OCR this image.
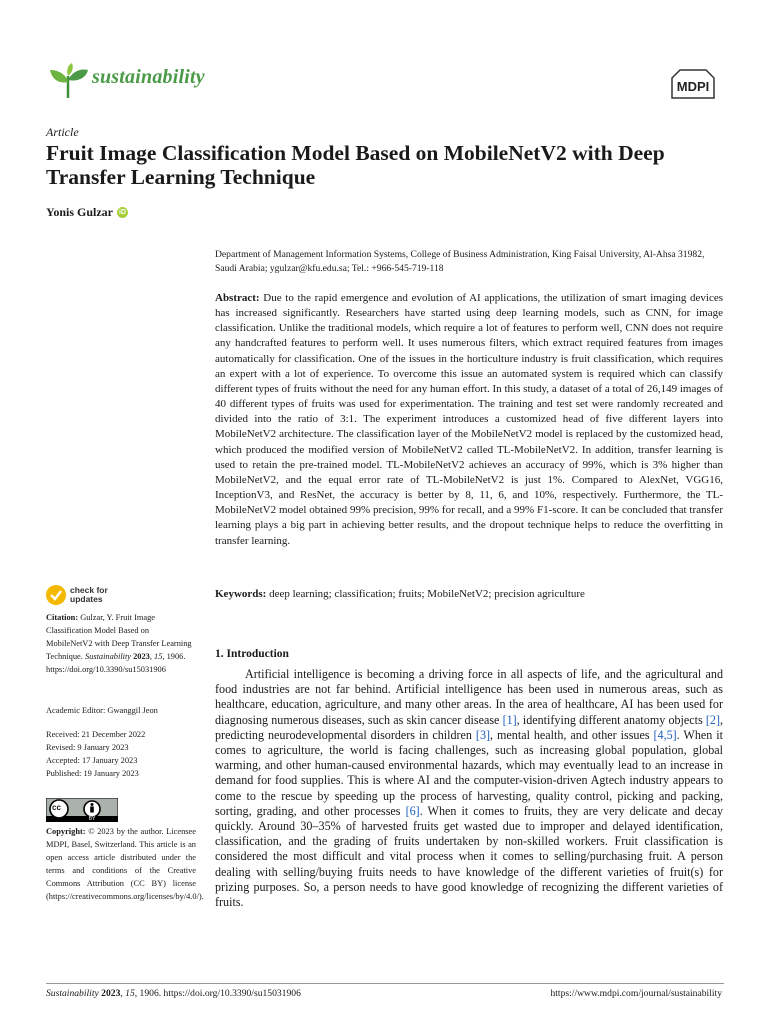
sustainability	MDPI
Article
Fruit Image Classification Model Based on MobileNetV2 with Deep Transfer Learning Technique
Yonis Gulzar iD
Department of Management Information Systems, College of Business Administration, King Faisal University, Al-Ahsa 31982, Saudi Arabia; ygulzar@kfu.edu.sa; Tel.: +966-545-719-118
Abstract: Due to the rapid emergence and evolution of AI applications, the utilization of smart imaging devices has increased significantly. Researchers have started using deep learning models, such as CNN, for image classification. Unlike the traditional models, which require a lot of features to perform well, CNN does not require any handcrafted features to perform well. It uses numerous filters, which extract required features from images automatically for classification. One of the issues in the horticulture industry is fruit classification, which requires an expert with a lot of experience. To overcome this issue an automated system is required which can classify different types of fruits without the need for any human effort. In this study, a dataset of a total of 26,149 images of 40 different types of fruits was used for experimentation. The training and test set were randomly recreated and divided into the ratio of 3:1. The experiment introduces a customized head of five different layers into MobileNetV2 architecture. The classification layer of the MobileNetV2 model is replaced by the customized head, which produced the modified version of MobileNetV2 called TL-MobileNetV2. In addition, transfer learning is used to retain the pre-trained model. TL-MobileNetV2 achieves an accuracy of 99%, which is 3% higher than MobileNetV2, and the equal error rate of TL-MobileNetV2 is just 1%. Compared to AlexNet, VGG16, InceptionV3, and ResNet, the accuracy is better by 8, 11, 6, and 10%, respectively. Furthermore, the TL-MobileNetV2 model obtained 99% precision, 99% for recall, and a 99% F1-score. It can be concluded that transfer learning plays a big part in achieving better results, and the dropout technique helps to reduce the overfitting in transfer learning.
Keywords: deep learning; classification; fruits; MobileNetV2; precision agriculture
1. Introduction
Artificial intelligence is becoming a driving force in all aspects of life, and the agricultural and food industries are not far behind. Artificial intelligence has been used in numerous areas, such as healthcare, education, agriculture, and many other areas. In the area of healthcare, AI has been used for diagnosing numerous diseases, such as skin cancer disease [1], identifying different anatomy objects [2], predicting neurodevelopmental disorders in children [3], mental health, and other issues [4,5]. When it comes to agriculture, the world is facing challenges, such as increasing global population, global warming, and other human-caused environmental hazards, which may eventually lead to an increase in demand for food supplies. This is where AI and the computer-vision-driven Agtech industry appears to come to the rescue by speeding up the process of harvesting, quality control, picking and packing, sorting, grading, and other processes [6]. When it comes to fruits, they are very delicate and decay quickly. Around 30–35% of harvested fruits get wasted due to improper and delayed identification, classification, and the grading of fruits undertaken by non-skilled workers. Fruit classification is considered the most difficult and vital process when it comes to selling/purchasing fruit. A person dealing with selling/buying fruits needs to have knowledge of the different varieties of fruit(s) for prizing purposes. So, a person needs to have good knowledge of recognizing the different varieties of fruits.
check for
updates
Citation: Gulzar, Y. Fruit Image Classification Model Based on MobileNetV2 with Deep Transfer Learning Technique. Sustainability 2023, 15, 1906. https://doi.org/10.3390/su15031906
Academic Editor: Gwanggil Jeon
Received: 21 December 2022
Revised: 9 January 2023
Accepted: 17 January 2023
Published: 19 January 2023
cc
BY
Copyright: © 2023 by the author. Licensee MDPI, Basel, Switzerland. This article is an open access article distributed under the terms and conditions of the Creative Commons Attribution (CC BY) license (https://creativecommons.org/licenses/by/4.0/).
Sustainability 2023, 15, 1906. https://doi.org/10.3390/su15031906	https://www.mdpi.com/journal/sustainability
